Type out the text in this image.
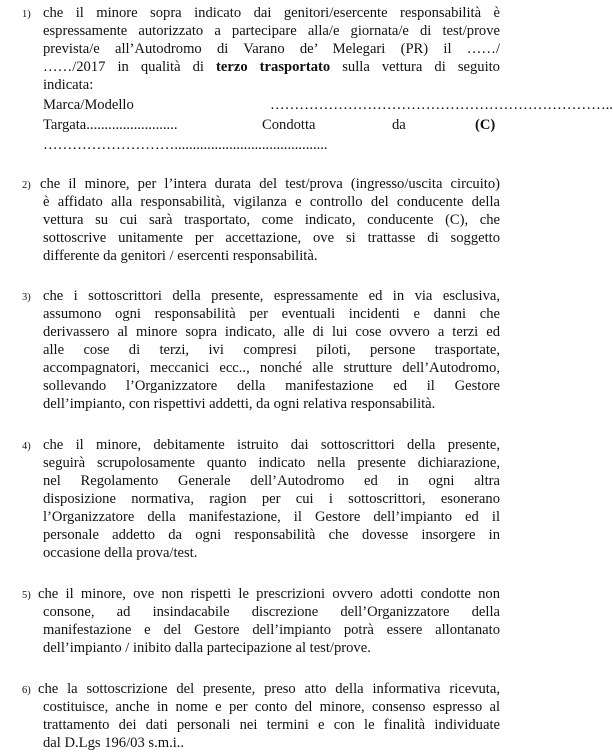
1) che il minore sopra indicato dai genitori/esercente responsabilità è
espressamente autorizzato a partecipare alla/e giornata/e di test/prove
prevista/e all’Autodromo di Varano de’ Melegari (PR) il ……/
……/2017 in qualità di terzo trasportato sulla vettura di seguito
indicata:
Marca/Modello	……………………………………………………………..
Targata.........................	Condotta	da	(C)
………………………..........................................
2) che il minore, per l’intera durata del test/prova (ingresso/uscita circuito)
è affidato alla responsabilità, vigilanza e controllo del conducente della
vettura su cui sarà trasportato, come indicato, conducente (C), che
sottoscrive unitamente per accettazione, ove si trattasse di soggetto
differente da genitori / esercenti responsabilità.
3) che i sottoscrittori della presente, espressamente ed in via esclusiva,
assumono ogni responsabilità per eventuali incidenti e danni che
derivassero al minore sopra indicato, alle di lui cose ovvero a terzi ed
alle cose di terzi, ivi compresi piloti, persone trasportate,
accompagnatori, meccanici ecc.., nonché alle strutture dell’Autodromo,
sollevando l’Organizzatore della manifestazione ed il Gestore
dell’impianto, con rispettivi addetti, da ogni relativa responsabilità.
4) che il minore, debitamente istruito dai sottoscrittori della presente,
seguirà scrupolosamente quanto indicato nella presente dichiarazione,
nel Regolamento Generale dell’Autodromo ed in ogni altra
disposizione normativa, ragion per cui i sottoscrittori, esonerano
l’Organizzatore della manifestazione, il Gestore dell’impianto ed il
personale addetto da ogni responsabilità che dovesse insorgere in
occasione della prova/test.
5) che il minore, ove non rispetti le prescrizioni ovvero adotti condotte non
consone, ad insindacabile discrezione dell’Organizzatore della
manifestazione e del Gestore dell’impianto potrà essere allontanato
dell’impianto / inibito dalla partecipazione al test/prove.
6) che la sottoscrizione del presente, preso atto della informativa ricevuta,
costituisce, anche in nome e per conto del minore, consenso espresso al
trattamento dei dati personali nei termini e con le finalità individuate
dal D.Lgs 196/03 s.m.i..
